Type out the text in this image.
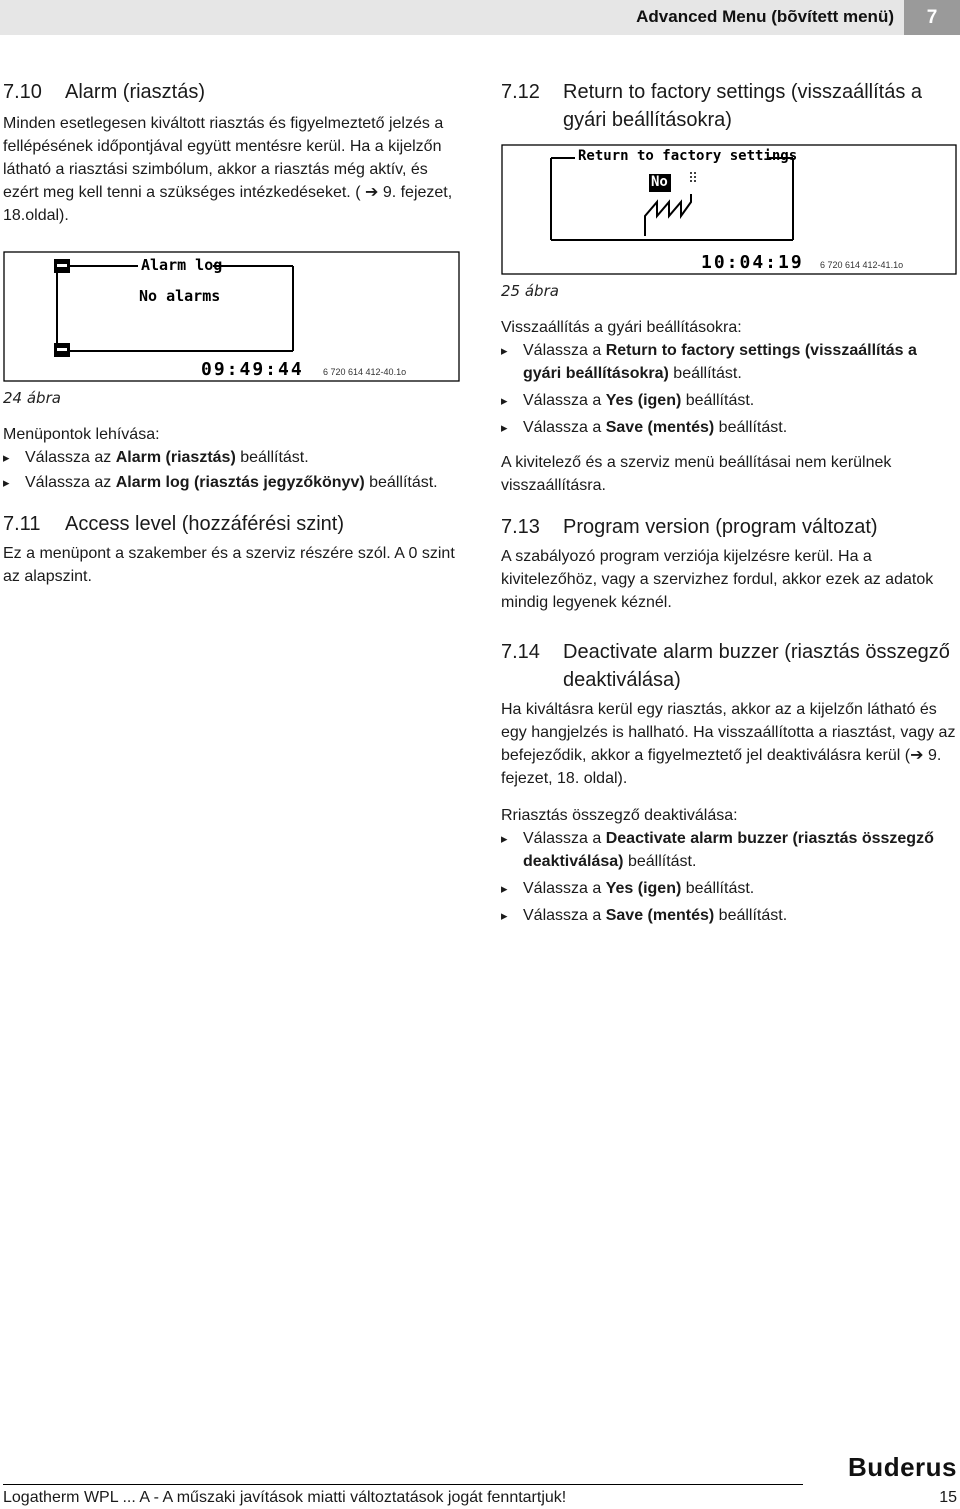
Advanced Menu (bõvített menü)	7
7.10 Alarm (riasztás)

Minden esetlegesen kiváltott riasztás és figyelmeztető jelzés a fellépésének időpontjával együtt mentésre kerül. Ha a kijelzőn látható a riasztási szimbólum, akkor a riasztás még aktív, és ezért meg kell tenni a szükséges intézkedéseket. ( ➔ 9. fejezet, 18.oldal).

Alarm log
No alarms
09:49:44 6 720 614 412-40.1o
24 ábra

Menüpontok lehívása:

▸ Válassza az Alarm (riasztás) beállítást.
▸ Válassza az Alarm log (riasztás jegyzőkönyv) beállítást.
7.11 Access level (hozzáférési szint)

Ez a menüpont a szakember és a szerviz részére szól. A 0 szint az alapszint.

7.12 Return to factory settings (visszaállítás a gyári beállításokra)
Return to factory settings
No
10:04:19 6 720 614 412-41.1o
25 ábra

Visszaállítás a gyári beállításokra:

▸ Válassza a Return to factory settings (visszaállítás a gyári beállításokra) beállítást.
▸ Válassza a Yes (igen) beállítást.
▸ Válassza a Save (mentés) beállítást.

A kivitelező és a szerviz menü beállításai nem kerülnek visszaállításra.

7.13 Program version (program változat)

A szabályozó program verziója kijelzésre kerül. Ha a kivitelezőhöz, vagy a szervizhez fordul, akkor ezek az adatok mindig legyenek kéznél.

7.14 Deactivate alarm buzzer (riasztás összegző deaktiválása)

Ha kiváltásra kerül egy riasztás, akkor az a kijelzőn látható és egy hangjelzés is hallható. Ha visszaállította a riasztást, vagy az befejeződik, akkor a figyelmeztető jel deaktiválásra kerül (➔ 9. fejezet, 18. oldal).

Rriasztás összegző deaktiválása:

▸ Válassza a Deactivate alarm buzzer (riasztás összegző deaktiválása) beállítást.
▸ Válassza a Yes (igen) beállítást.
▸ Válassza a Save (mentés) beállítást.
Buderus
Logatherm WPL ... A - A műszaki javítások miatti változtatások jogát fenntartjuk!	15
